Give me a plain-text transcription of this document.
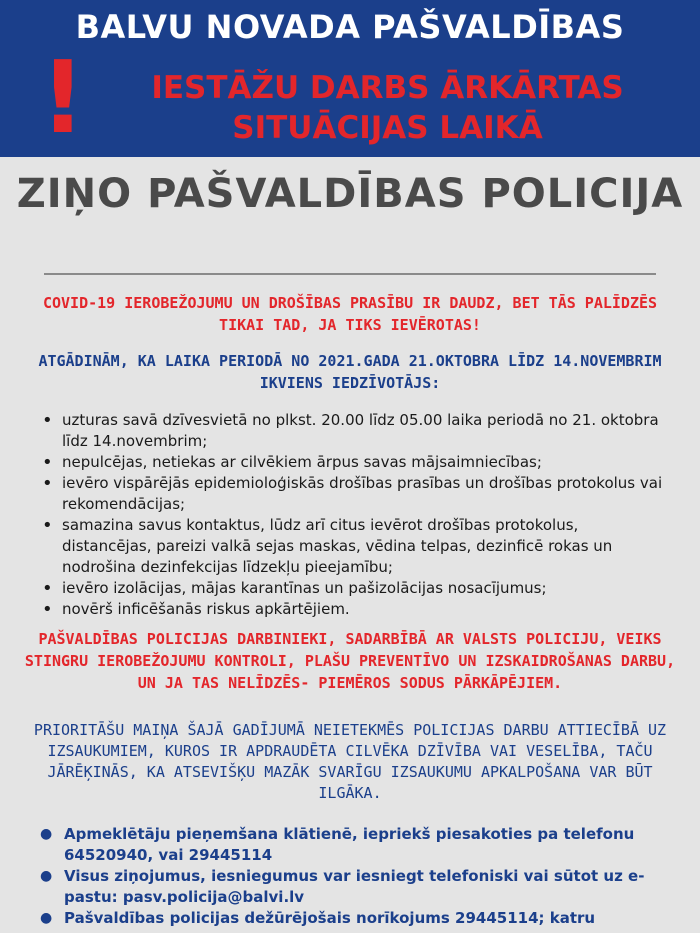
BALVU NOVADA PAŠVALDĪBAS
!	IESTĀŽU DARBS ĀRKĀRTAS SITUĀCIJAS LAIKĀ
ZIŅO PAŠVALDĪBAS POLICIJA
COVID-19 IEROBEŽOJUMU UN DROŠĪBAS PRASĪBU IR DAUDZ, BET TĀS PALĪDZĒS TIKAI TAD, JA TIKS IEVĒROTAS!
ATGĀDINĀM, KA LAIKA PERIODĀ NO 2021.GADA 21.OKTOBRA LĪDZ 14.NOVEMBRIM IKVIENS IEDZĪVOTĀJS:
• uzturas savā dzīvesvietā no plkst. 20.00 līdz 05.00 laika periodā no 21. oktobra līdz 14.novembrim;
• nepulcējas, netiekas ar cilvēkiem ārpus savas mājsaimniecības;
• ievēro vispārējās epidemioloģiskās drošības prasības un drošības protokolus vai rekomendācijas;
• samazina savus kontaktus, lūdz arī citus ievērot drošības protokolus, distancējas, pareizi valkā sejas maskas, vēdina telpas, dezinficē rokas un nodrošina dezinfekcijas līdzekļu pieejamību;
• ievēro izolācijas, mājas karantīnas un pašizolācijas nosacījumus;
• novērš inficēšanās riskus apkārtējiem.
PAŠVALDĪBAS POLICIJAS DARBINIEKI, SADARBĪBĀ AR VALSTS POLICIJU, VEIKS STINGRU IEROBEŽOJUMU KONTROLI, PLAŠU PREVENTĪVO UN IZSKAIDROŠANAS DARBU, UN JA TAS NELĪDZĒS- PIEMĒROS SODUS PĀRKĀPĒJIEM.
PRIORITĀŠU MAIŅA ŠAJĀ GADĪJUMĀ NEIETEKMĒS POLICIJAS DARBU ATTIECĪBĀ UZ IZSAUKUMIEM, KUROS IR APDRAUDĒTA CILVĒKA DZĪVĪBA VAI VESELĪBA, TAČU JĀRĒĶINĀS, KA ATSEVIŠĶU MAZĀK SVARĪGU IZSAUKUMU APKALPOŠANA VAR BŪT ILGĀKA.
● Apmeklētāju pieņemšana klātienē, iepriekš piesakoties pa telefonu 64520940, vai 29445114
● Visus ziņojumus, iesniegumus var iesniegt telefoniski vai sūtot uz e-pastu: pasv.policija@balvi.lv
● Pašvaldības policijas dežūrējošais norīkojums 29445114; katru
